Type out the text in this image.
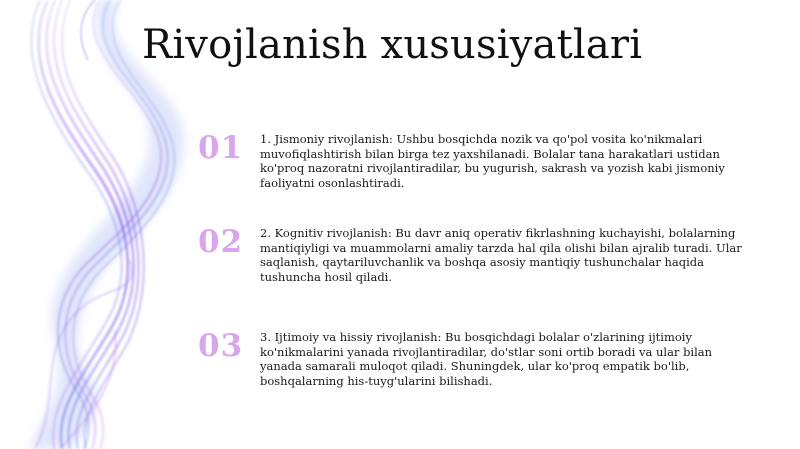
Rivojlanish xususiyatlari
01	1. Jismoniy rivojlanish: Ushbu bosqichda nozik va qo'pol vosita ko'nikmalari muvofiqlashtirish bilan birga tez yaxshilanadi. Bolalar tana harakatlari ustidan ko'proq nazoratni rivojlantiradilar, bu yugurish, sakrash va yozish kabi jismoniy faoliyatni osonlashtiradi.
02	2. Kognitiv rivojlanish: Bu davr aniq operativ fikrlashning kuchayishi, bolalarning mantiqiyligi va muammolarni amaliy tarzda hal qila olishi bilan ajralib turadi. Ular saqlanish, qaytariluvchanlik va boshqa asosiy mantiqiy tushunchalar haqida tushuncha hosil qiladi.
03	3. Ijtimoiy va hissiy rivojlanish: Bu bosqichdagi bolalar o'zlarining ijtimoiy ko'nikmalarini yanada rivojlantiradilar, do'stlar soni ortib boradi va ular bilan yanada samarali muloqot qiladi. Shuningdek, ular ko'proq empatik bo'lib, boshqalarning his-tuyg'ularini bilishadi.
